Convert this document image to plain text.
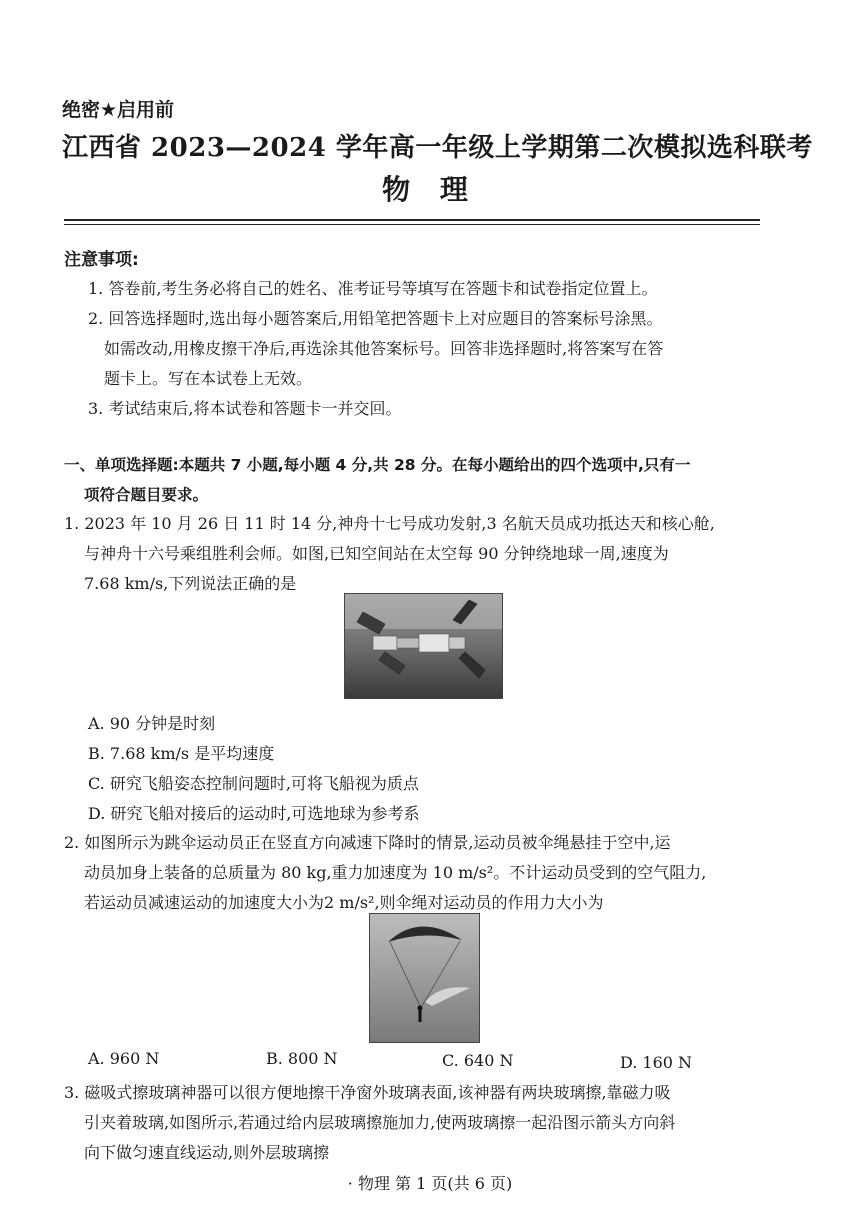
绝密★启用前
江西省 2023—2024 学年高一年级上学期第二次模拟选科联考
物 理
注意事项:
1. 答卷前,考生务必将自己的姓名、准考证号等填写在答题卡和试卷指定位置上。
2. 回答选择题时,选出每小题答案后,用铅笔把答题卡上对应题目的答案标号涂黑。
如需改动,用橡皮擦干净后,再选涂其他答案标号。回答非选择题时,将答案写在答
题卡上。写在本试卷上无效。
3. 考试结束后,将本试卷和答题卡一并交回。
一、单项选择题:本题共 7 小题,每小题 4 分,共 28 分。在每小题给出的四个选项中,只有一
项符合题目要求。
1. 2023 年 10 月 26 日 11 时 14 分,神舟十七号成功发射,3 名航天员成功抵达天和核心舱,
与神舟十六号乘组胜利会师。如图,已知空间站在太空每 90 分钟绕地球一周,速度为
7.68 km/s,下列说法正确的是
A. 90 分钟是时刻
B. 7.68 km/s 是平均速度
C. 研究飞船姿态控制问题时,可将飞船视为质点
D. 研究飞船对接后的运动时,可选地球为参考系
2. 如图所示为跳伞运动员正在竖直方向减速下降时的情景,运动员被伞绳悬挂于空中,运
动员加身上装备的总质量为 80 kg,重力加速度为 10 m/s²。不计运动员受到的空气阻力,
若运动员减速运动的加速度大小为2 m/s²,则伞绳对运动员的作用力大小为
A. 960 N	B. 800 N	C. 640 N	D. 160 N
3. 磁吸式擦玻璃神器可以很方便地擦干净窗外玻璃表面,该神器有两块玻璃擦,靠磁力吸
引夹着玻璃,如图所示,若通过给内层玻璃擦施加力,使两玻璃擦一起沿图示箭头方向斜
向下做匀速直线运动,则外层玻璃擦
· 物理 第 1 页(共 6 页)
